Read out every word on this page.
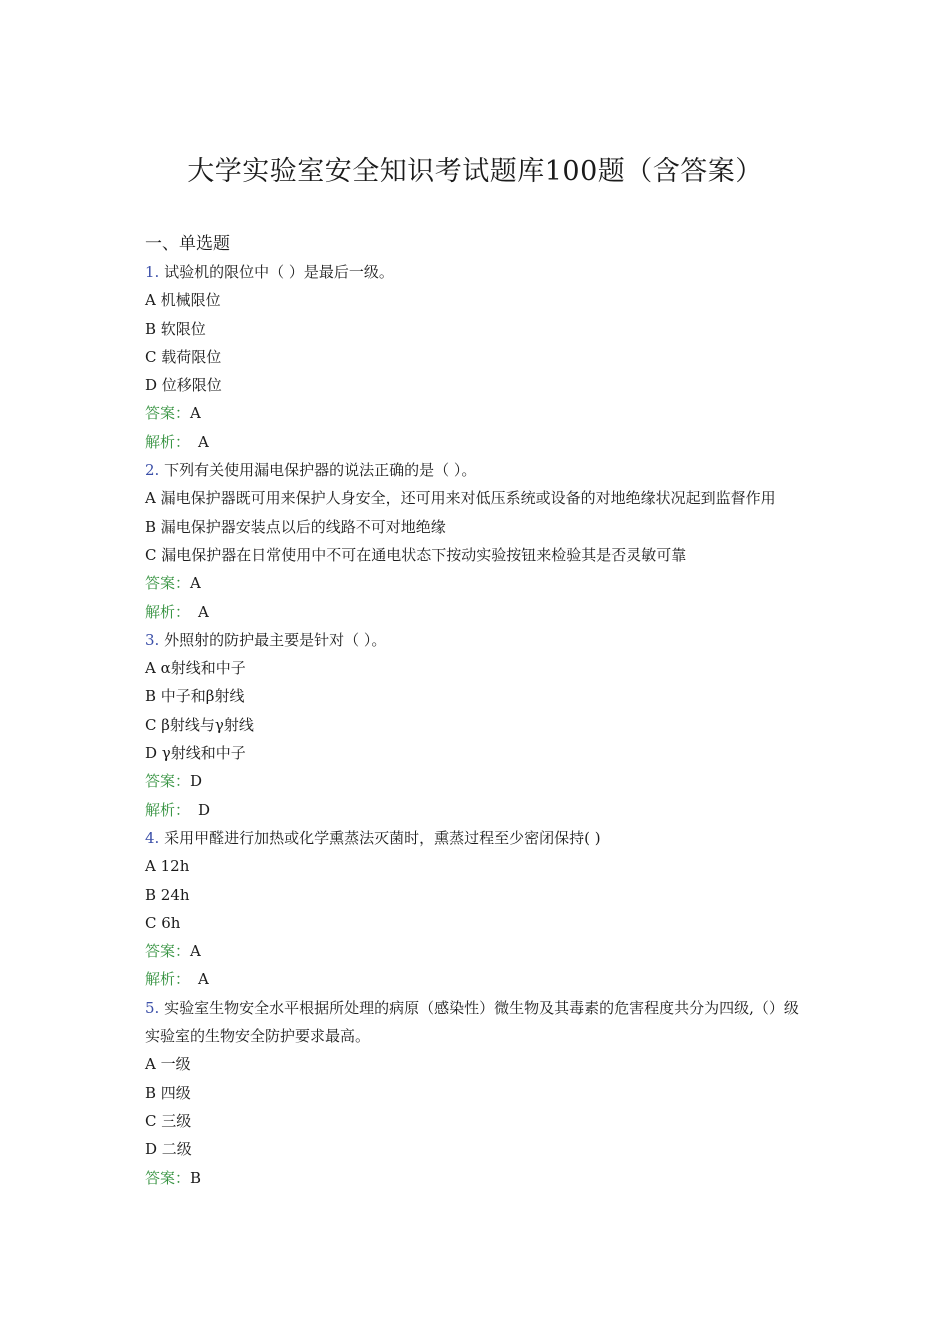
大学实验室安全知识考试题库100题（含答案）
一、单选题

1. 试验机的限位中（ ）是最后一级。

A 机械限位

B 软限位

C 载荷限位

D 位移限位

答案：A

解析： A

2. 下列有关使用漏电保护器的说法正确的是（ ）。

A 漏电保护器既可用来保护人身安全，还可用来对低压系统或设备的对地绝缘状况起到监督作用

B 漏电保护器安装点以后的线路不可对地绝缘

C 漏电保护器在日常使用中不可在通电状态下按动实验按钮来检验其是否灵敏可靠

答案：A

解析： A

3. 外照射的防护最主要是针对（ ）。

A α射线和中子

B 中子和β射线

C β射线与γ射线

D γ射线和中子

答案：D

解析： D

4. 采用甲醛进行加热或化学熏蒸法灭菌时，熏蒸过程至少密闭保持( )

A 12h

B 24h

C 6h

答案：A

解析： A

5. 实验室生物安全水平根据所处理的病原（感染性）微生物及其毒素的危害程度共分为四级,（）级实验室的生物安全防护要求最高。

A 一级

B 四级

C 三级

D 二级

答案：B
